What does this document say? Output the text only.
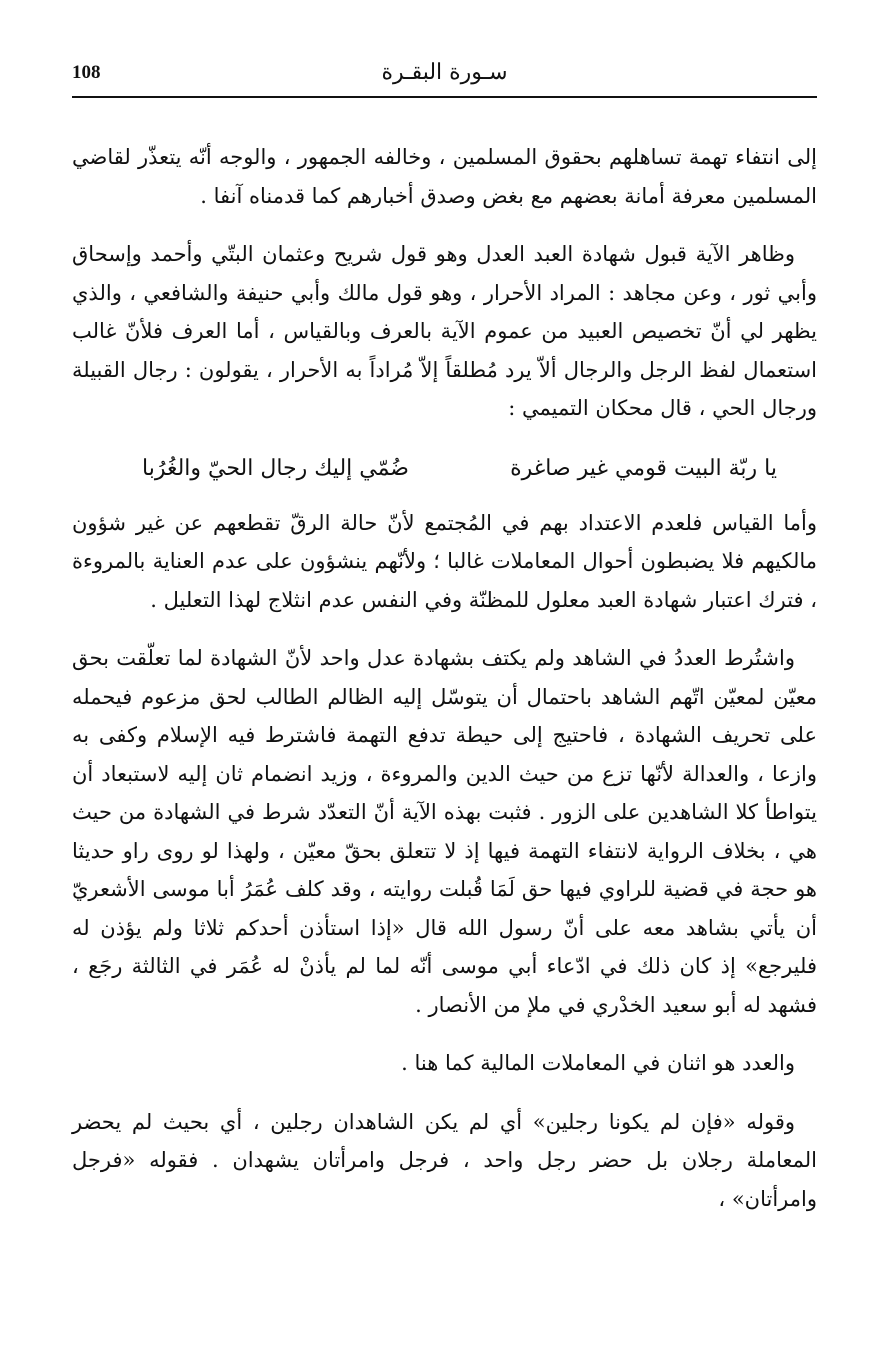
108	سـورة البقـرة

إلى انتفاء تهمة تساهلهم بحقوق المسلمين ، وخالفه الجمهور ، والوجه أنّه يتعذّر لقاضي المسلمين معرفة أمانة بعضهم مع بغض وصدق أخبارهم كما قدمناه آنفا .

وظاهر الآية قبول شهادة العبد العدل وهو قول شريح وعثمان البتّي وأحمد وإسحاق وأبي ثور ، وعن مجاهد : المراد الأحرار ، وهو قول مالك وأبي حنيفة والشافعي ، والذي يظهر لي أنّ تخصيص العبيد من عموم الآية بالعرف وبالقياس ، أما العرف فلأنّ غالب استعمال لفظ الرجل والرجال ألاّ يرد مُطلقاً إلاّ مُراداً به الأحرار ، يقولون : رجال القبيلة ورجال الحي ، قال محكان التميمي :

يا ربّة البيت قومي غير صاغرة
ضُمّي إليك رجال الحيّ والغُرُبا

وأما القياس فلعدم الاعتداد بهم في المُجتمع لأنّ حالة الرقّ تقطعهم عن غير شؤون مالكيهم فلا يضبطون أحوال المعاملات غالبا ؛ ولأنّهم ينشؤون على عدم العناية بالمروءة ، فترك اعتبار شهادة العبد معلول للمظنّة وفي النفس عدم انثلاج لهذا التعليل .

واشتُرط العددُ في الشاهد ولم يكتف بشهادة عدل واحد لأنّ الشهادة لما تعلّقت بحق معيّن لمعيّن اتّهم الشاهد باحتمال أن يتوسّل إليه الظالم الطالب لحق مزعوم فيحمله على تحريف الشهادة ، فاحتيج إلى حيطة تدفع التهمة فاشترط فيه الإسلام وكفى به وازعا ، والعدالة لأنّها تزع من حيث الدين والمروءة ، وزيد انضمام ثان إليه لاستبعاد أن يتواطأ كلا الشاهدين على الزور . فثبت بهذه الآية أنّ التعدّد شرط في الشهادة من حيث هي ، بخلاف الرواية لانتفاء التهمة فيها إذ لا تتعلق بحقّ معيّن ، ولهذا لو روى راو حديثا هو حجة في قضية للراوي فيها حق لَمَا قُبلت روايته ، وقد كلف عُمَرُ أبا موسى الأشعريّ أن يأتي بشاهد معه على أنّ رسول الله قال «إذا استأذن أحدكم ثلاثا ولم يؤذن له فليرجع» إذ كان ذلك في ادّعاء أبي موسى أنّه لما لم يأذنْ له عُمَر في الثالثة رجَع ، فشهد له أبو سعيد الخدْري في ملإ من الأنصار .

والعدد هو اثنان في المعاملات المالية كما هنا .

وقوله «فإن لم يكونا رجلين» أي لم يكن الشاهدان رجلين ، أي بحيث لم يحضر المعاملة رجلان بل حضر رجل واحد ، فرجل وامرأتان يشهدان . فقوله «فرجل وامرأتان» ،
